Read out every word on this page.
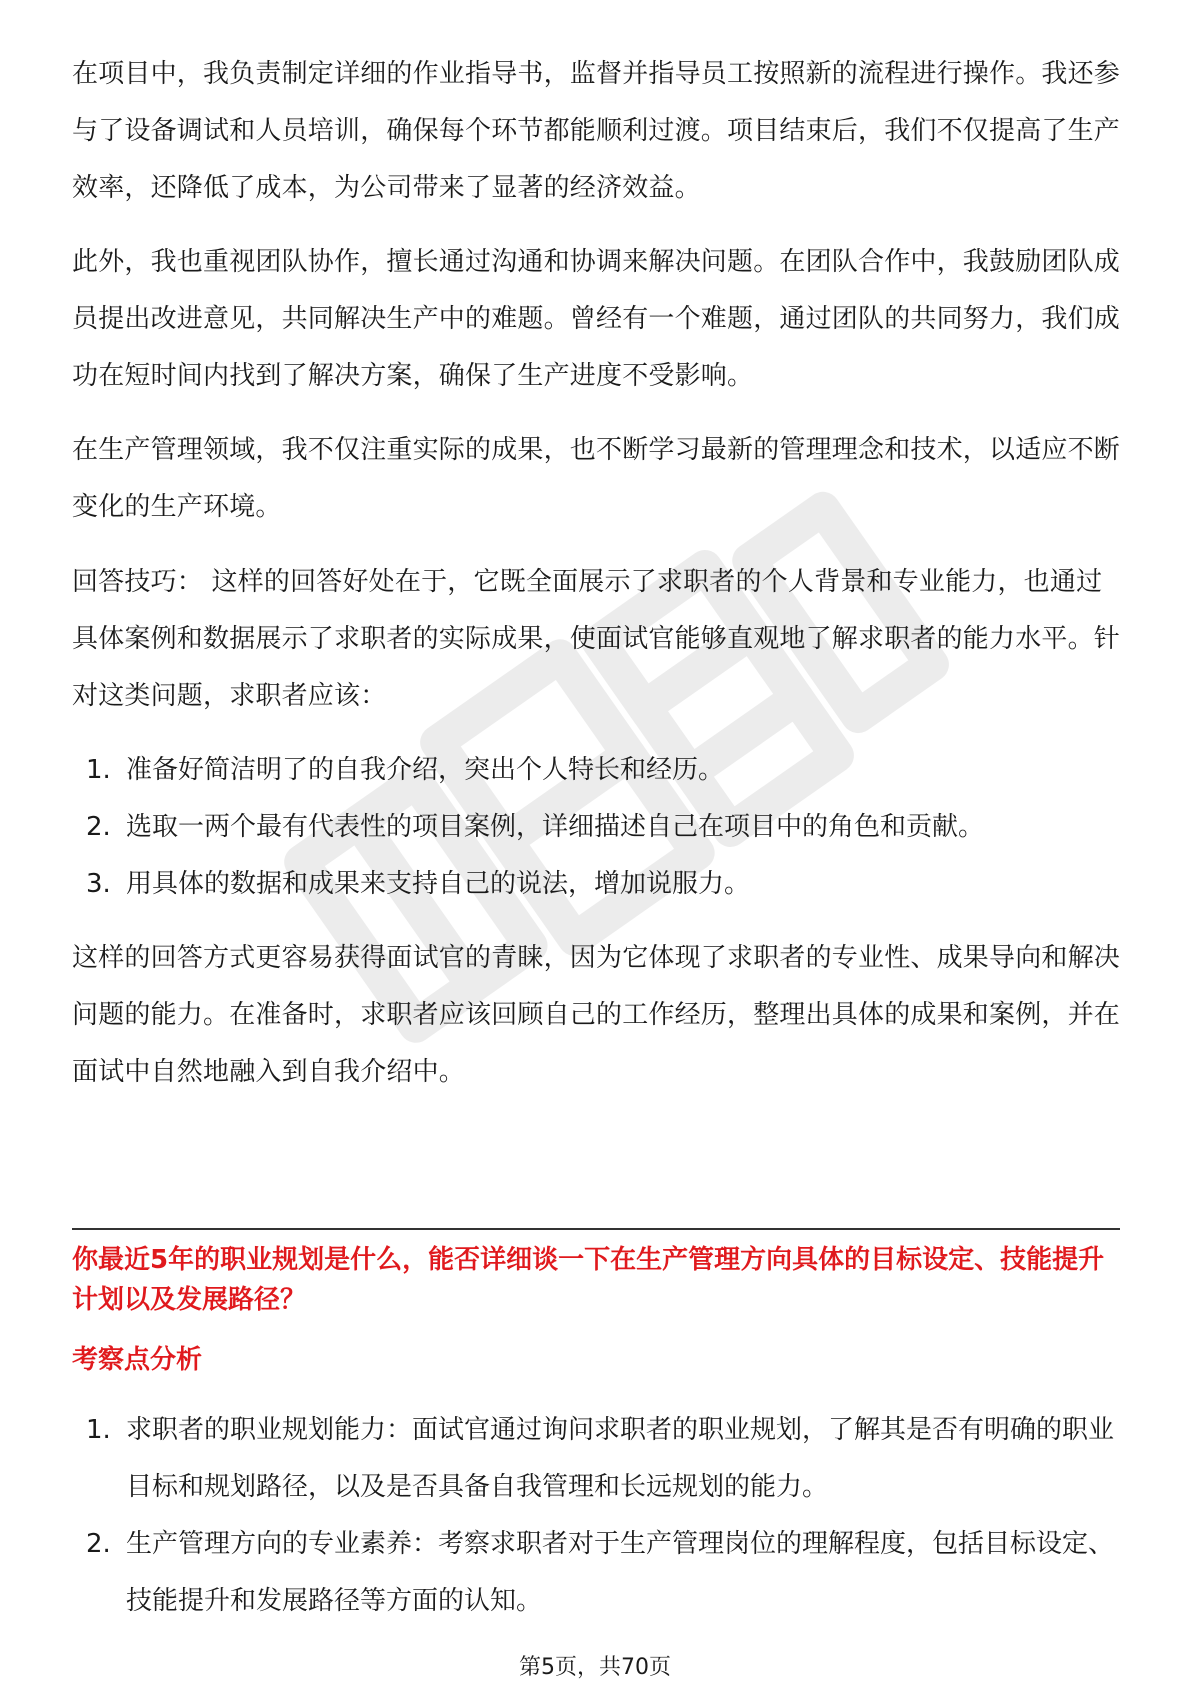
在项目中，我负责制定详细的作业指导书，监督并指导员工按照新的流程进行操作。我还参与了设备调试和人员培训，确保每个环节都能顺利过渡。项目结束后，我们不仅提高了生产效率，还降低了成本，为公司带来了显著的经济效益。

此外，我也重视团队协作，擅长通过沟通和协调来解决问题。在团队合作中，我鼓励团队成员提出改进意见，共同解决生产中的难题。曾经有一个难题，通过团队的共同努力，我们成功在短时间内找到了解决方案，确保了生产进度不受影响。

在生产管理领域，我不仅注重实际的成果，也不断学习最新的管理理念和技术，以适应不断变化的生产环境。

回答技巧： 这样的回答好处在于，它既全面展示了求职者的个人背景和专业能力，也通过具体案例和数据展示了求职者的实际成果，使面试官能够直观地了解求职者的能力水平。针对这类问题，求职者应该：

1. 准备好简洁明了的自我介绍，突出个人特长和经历。
2. 选取一两个最有代表性的项目案例，详细描述自己在项目中的角色和贡献。
3. 用具体的数据和成果来支持自己的说法，增加说服力。

这样的回答方式更容易获得面试官的青睐，因为它体现了求职者的专业性、成果导向和解决问题的能力。在准备时，求职者应该回顾自己的工作经历，整理出具体的成果和案例，并在面试中自然地融入到自我介绍中。

你最近5年的职业规划是什么，能否详细谈一下在生产管理方向具体的目标设定、技能提升计划以及发展路径？

考察点分析

1. 求职者的职业规划能力：面试官通过询问求职者的职业规划，了解其是否有明确的职业目标和规划路径，以及是否具备自我管理和长远规划的能力。
2. 生产管理方向的专业素养：考察求职者对于生产管理岗位的理解程度，包括目标设定、技能提升和发展路径等方面的认知。
第5页，共70页
